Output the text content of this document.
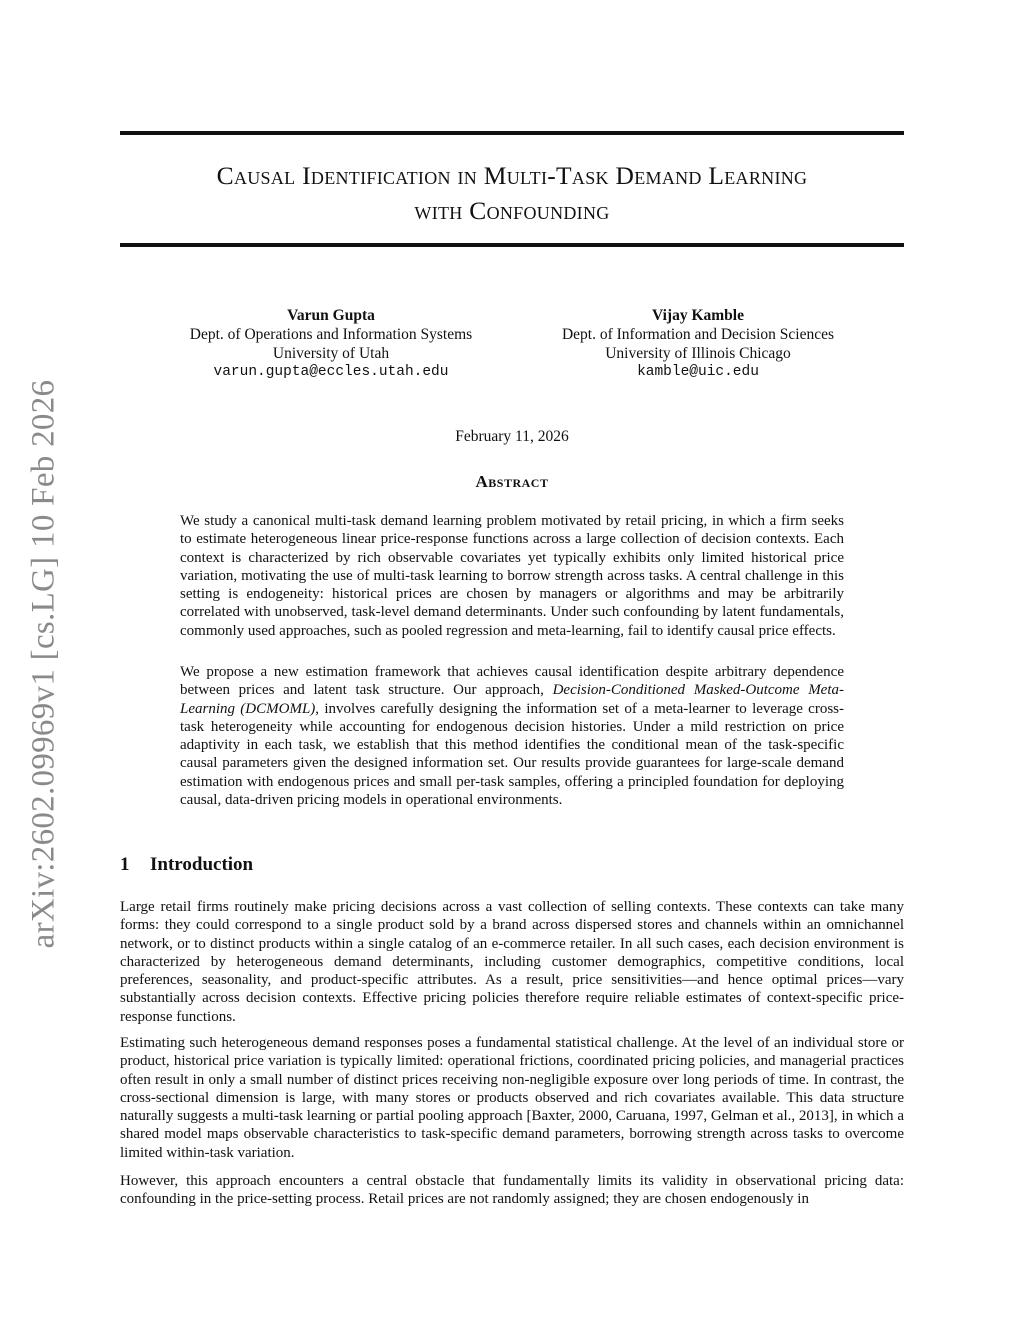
arXiv:2602.09969v1 [cs.LG] 10 Feb 2026
Causal Identification in Multi-Task Demand Learning
with Confounding
Varun Gupta
Dept. of Operations and Information Systems
University of Utah
varun.gupta@eccles.utah.edu
Vijay Kamble
Dept. of Information and Decision Sciences
University of Illinois Chicago
kamble@uic.edu
February 11, 2026
Abstract

We study a canonical multi-task demand learning problem motivated by retail pricing, in which a firm seeks to estimate heterogeneous linear price-response functions across a large collection of decision contexts. Each context is characterized by rich observable covariates yet typically exhibits only limited historical price variation, motivating the use of multi-task learning to borrow strength across tasks. A central challenge in this setting is endogeneity: historical prices are chosen by managers or algorithms and may be arbitrarily correlated with unobserved, task-level demand determinants. Under such confounding by latent fundamentals, commonly used approaches, such as pooled regression and meta-learning, fail to identify causal price effects.

We propose a new estimation framework that achieves causal identification despite arbitrary dependence between prices and latent task structure. Our approach, Decision-Conditioned Masked-Outcome Meta-Learning (DCMOML), involves carefully designing the information set of a meta-learner to leverage cross-task heterogeneity while accounting for endogenous decision histories. Under a mild restriction on price adaptivity in each task, we establish that this method identifies the conditional mean of the task-specific causal parameters given the designed information set. Our results provide guarantees for large-scale demand estimation with endogenous prices and small per-task samples, offering a principled foundation for deploying causal, data-driven pricing models in operational environments.

1 Introduction

Large retail firms routinely make pricing decisions across a vast collection of selling contexts. These contexts can take many forms: they could correspond to a single product sold by a brand across dispersed stores and channels within an omnichannel network, or to distinct products within a single catalog of an e-commerce retailer. In all such cases, each decision environment is characterized by heterogeneous demand determinants, including customer demographics, competitive conditions, local preferences, seasonality, and product-specific attributes. As a result, price sensitivities—and hence optimal prices—vary substantially across decision contexts. Effective pricing policies therefore require reliable estimates of context-specific price-response functions.

Estimating such heterogeneous demand responses poses a fundamental statistical challenge. At the level of an individual store or product, historical price variation is typically limited: operational frictions, coordinated pricing policies, and managerial practices often result in only a small number of distinct prices receiving non-negligible exposure over long periods of time. In contrast, the cross-sectional dimension is large, with many stores or products observed and rich covariates available. This data structure naturally suggests a multi-task learning or partial pooling approach [Baxter, 2000, Caruana, 1997, Gelman et al., 2013], in which a shared model maps observable characteristics to task-specific demand parameters, borrowing strength across tasks to overcome limited within-task variation.

However, this approach encounters a central obstacle that fundamentally limits its validity in observational pricing data: confounding in the price-setting process. Retail prices are not randomly assigned; they are chosen endogenously in
